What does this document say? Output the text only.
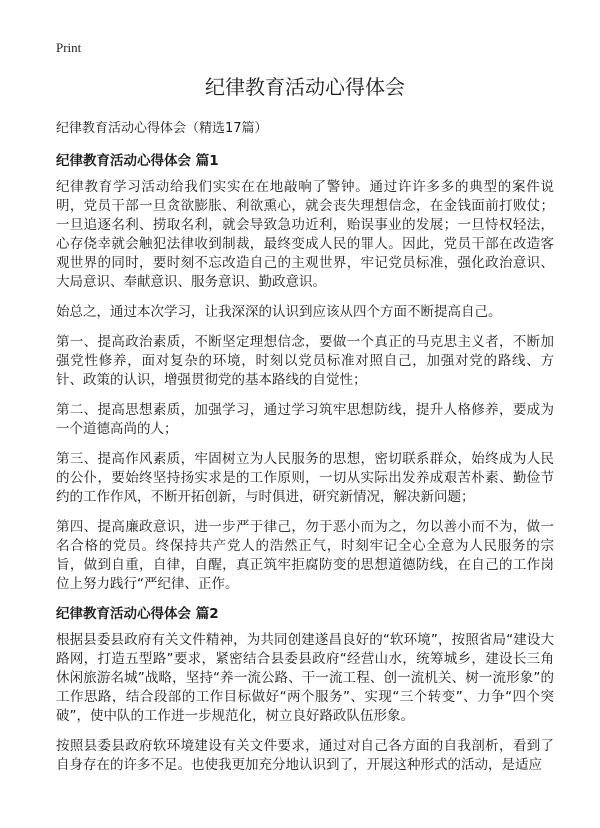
Print
纪律教育活动心得体会

纪律教育活动心得体会（精选17篇）

纪律教育活动心得体会 篇1

纪律教育学习活动给我们实实在在地敲响了警钟。通过许许多多的典型的案件说明，党员干部一旦贪欲膨胀、利欲熏心，就会丧失理想信念，在金钱面前打败仗；一旦追逐名利、捞取名利，就会导致急功近利，贻误事业的发展；一旦恃权轻法，心存侥幸就会触犯法律收到制裁，最终变成人民的罪人。因此，党员干部在改造客观世界的同时，要时刻不忘改造自己的主观世界，牢记党员标准，强化政治意识、大局意识、奉献意识、服务意识、勤政意识。

始总之，通过本次学习，让我深深的认识到应该从四个方面不断提高自己。

第一、提高政治素质，不断坚定理想信念，要做一个真正的马克思主义者，不断加强党性修养，面对复杂的环境，时刻以党员标准对照自己，加强对党的路线、方针、政策的认识，增强贯彻党的基本路线的自觉性；

第二、提高思想素质，加强学习，通过学习筑牢思想防线，提升人格修养，要成为一个道德高尚的人；

第三、提高作风素质，牢固树立为人民服务的思想，密切联系群众，始终成为人民的公仆，要始终坚持扬实求是的工作原则，一切从实际出发养成艰苦朴素、勤俭节约的工作作风，不断开拓创新，与时俱进，研究新情况，解决新问题；

第四、提高廉政意识，进一步严于律己，勿于恶小而为之，勿以善小而不为，做一名合格的党员。终保持共产党人的浩然正气，时刻牢记全心全意为人民服务的宗旨，做到自重，自律，自醒，真正筑牢拒腐防变的思想道德防线，在自己的工作岗位上努力践行“严纪律、正作。

纪律教育活动心得体会 篇2

根据县委县政府有关文件精神，为共同创建遂昌良好的“软环境”，按照省局“建设大路网，打造五型路”要求，紧密结合县委县政府“经营山水，统筹城乡，建设长三角休闲旅游名城”战略，坚持“养一流公路、干一流工程、创一流机关、树一流形象”的工作思路，结合段部的工作目标做好“两个服务”、实现“三个转变”、力争“四个突破”，使中队的工作进一步规范化，树立良好路政队伍形象。

按照县委县政府软环境建设有关文件要求，通过对自己各方面的自我剖析，看到了自身存在的许多不足。也使我更加充分地认识到了，开展这种形式的活动，是适应
